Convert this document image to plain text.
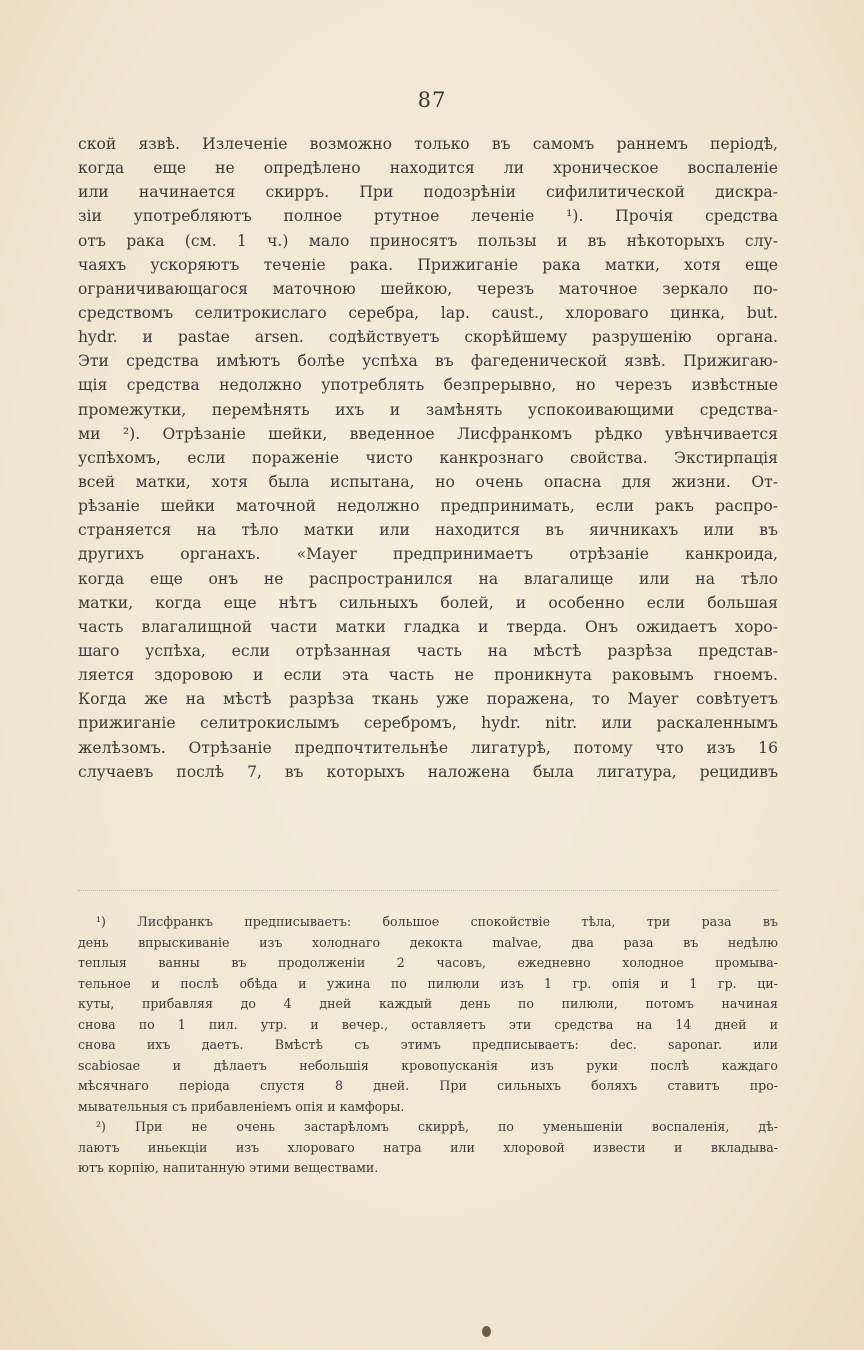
87
ской язвѣ. Излеченіе возможно только въ самомъ раннемъ періодѣ,
когда еще не опредѣлено находится ли хроническое воспаленіе
или начинается скирръ. При подозрѣніи сифилитической дискра-
зіи употребляютъ полное ртутное леченіе ¹). Прочія средства
отъ рака (см. 1 ч.) мало приносятъ пользы и въ нѣкоторыхъ слу-
чаяхъ ускоряютъ теченіе рака. Прижиганіе рака матки, хотя еще
ограничивающагося маточною шейкою, черезъ маточное зеркало по-
средствомъ селитрокислаго серебра, lap. caust., хлороваго цинка, but.
hydr. и pastae arsen. содѣйствуетъ скорѣйшему разрушенію органа.
Эти средства имѣютъ болѣе успѣха въ фагеденической язвѣ. Прижигаю-
щія средства недолжно употреблять безпрерывно, но черезъ извѣстные
промежутки, перемѣнять ихъ и замѣнять успокоивающими средства-
ми ²). Отрѣзаніе шейки, введенное Лисфранкомъ рѣдко увѣнчивается
успѣхомъ, если пораженіе чисто канкрознаго свойства. Экстирпація
всей матки, хотя была испытана, но очень опасна для жизни. От-
рѣзаніе шейки маточной недолжно предпринимать, если ракъ распро-
страняется на тѣло матки или находится въ яичникахъ или въ
другихъ органахъ. «Mayer предпринимаетъ отрѣзаніе канкроида,
когда еще онъ не распространился на влагалище или на тѣло
матки, когда еще нѣтъ сильныхъ болей, и особенно если большая
часть влагалищной части матки гладка и тверда. Онъ ожидаетъ хоро-
шаго успѣха, если отрѣзанная часть на мѣстѣ разрѣза представ-
ляется здоровою и если эта часть не проникнута раковымъ гноемъ.
Когда же на мѣстѣ разрѣза ткань уже поражена, то Mayer совѣтуетъ
прижиганіе селитрокислымъ серебромъ, hydr. nitr. или раскаленнымъ
желѣзомъ. Отрѣзаніе предпочтительнѣе лигатурѣ, потому что изъ 16
случаевъ послѣ 7, въ которыхъ наложена была лигатура, рецидивъ
¹) Лисфранкъ предписываетъ: большое спокойствіе тѣла, три раза въ
день впрыскиваніе изъ холоднаго декокта malvae, два раза въ недѣлю
теплыя ванны въ продолженіи 2 часовъ, ежедневно холодное промыва-
тельное и послѣ обѣда и ужина по пилюли изъ 1 гр. опія и 1 гр. ци-
куты, прибавляя до 4 дней каждый день по пилюли, потомъ начиная
снова по 1 пил. утр. и вечер., оставляетъ эти средства на 14 дней и
снова ихъ даетъ. Вмѣстѣ съ этимъ предписываетъ: dec. saponar. или
scabiosae и дѣлаетъ небольшія кровопусканія изъ руки послѣ каждаго
мѣсячнаго періода спустя 8 дней. При сильныхъ боляхъ ставитъ про-
мывательныя съ прибавленіемъ опія и камфоры.
²) При не очень застарѣломъ скиррѣ, по уменьшеніи воспаленія, дѣ-
лаютъ иньекціи изъ хлороваго натра или хлоровой извести и вкладыва-
ютъ корпію, напитанную этими веществами.
